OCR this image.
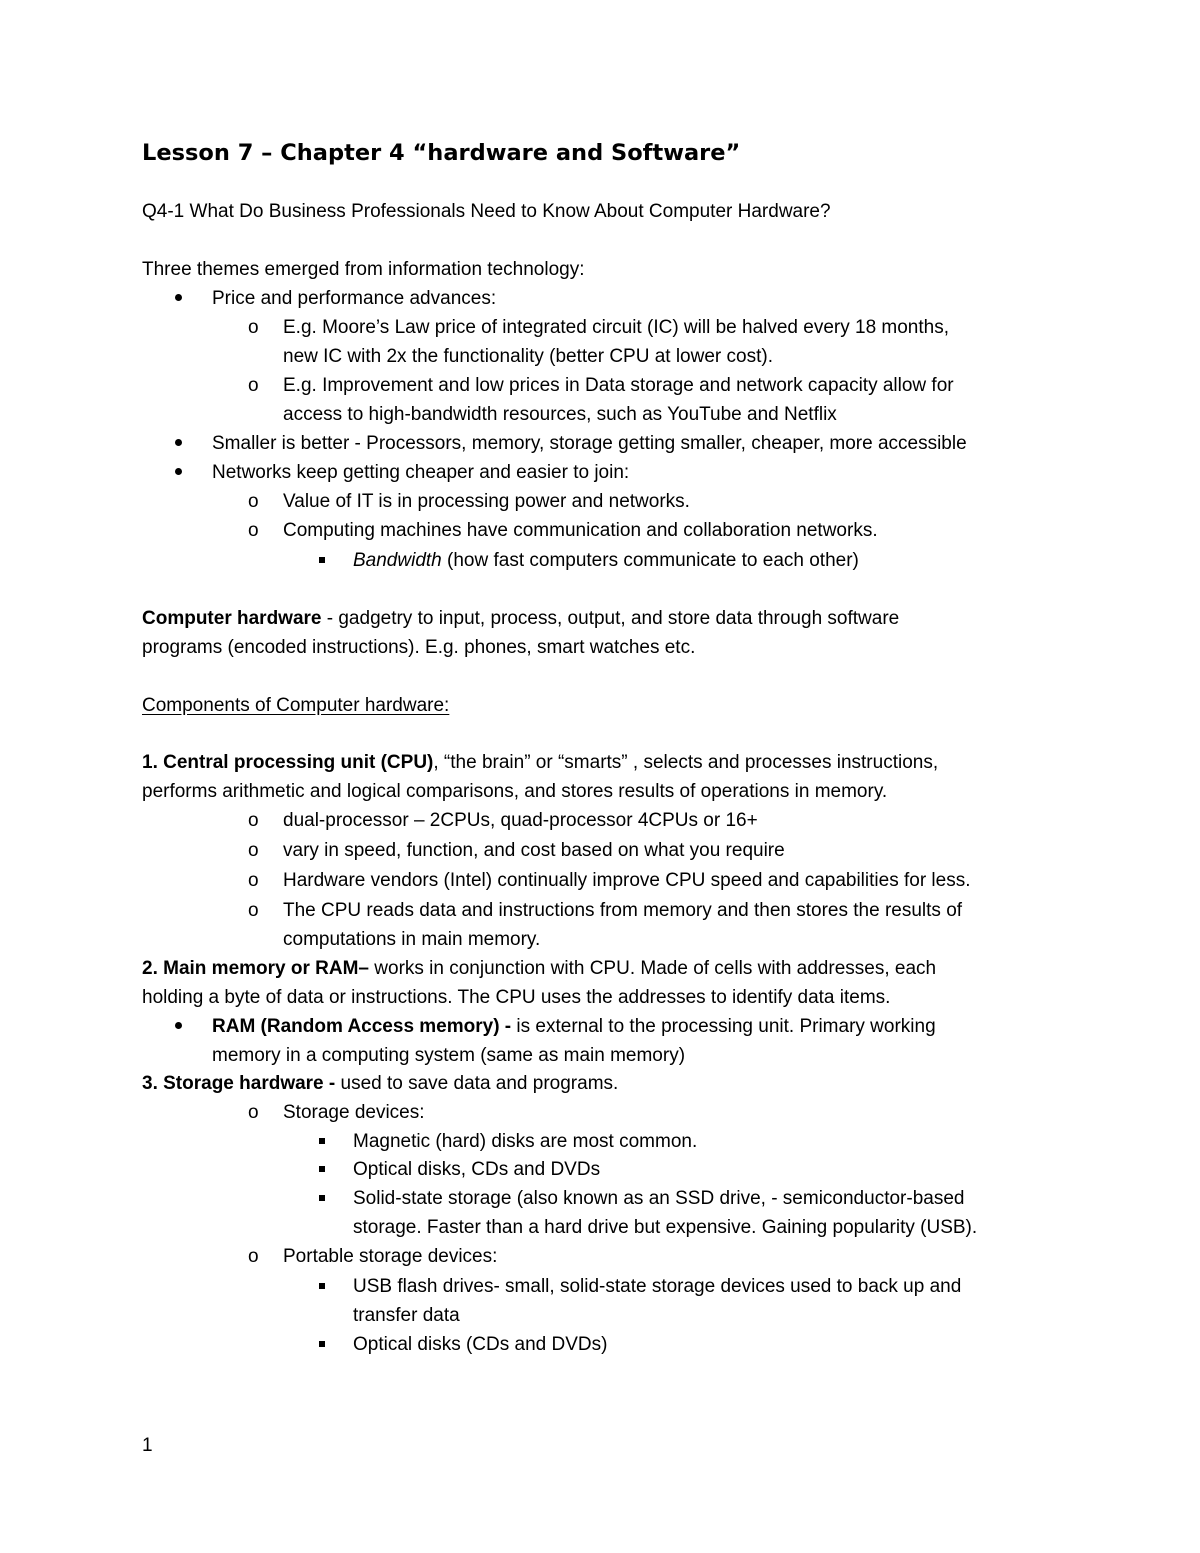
Lesson 7 – Chapter 4 “hardware and Software”
Q4-1 What Do Business Professionals Need to Know About Computer Hardware?
Three themes emerged from information technology:
Price and performance advances:
o E.g. Moore’s Law price of integrated circuit (IC) will be halved every 18 months,
new IC with 2x the functionality (better CPU at lower cost).
o E.g. Improvement and low prices in Data storage and network capacity allow for
access to high-bandwidth resources, such as YouTube and Netflix
Smaller is better - Processors, memory, storage getting smaller, cheaper, more accessible
Networks keep getting cheaper and easier to join:
o Value of IT is in processing power and networks.
o Computing machines have communication and collaboration networks.
Bandwidth (how fast computers communicate to each other)
Computer hardware - gadgetry to input, process, output, and store data through software
programs (encoded instructions). E.g. phones, smart watches etc.
Components of Computer hardware:
1. Central processing unit (CPU), “the brain” or “smarts” , selects and processes instructions,
performs arithmetic and logical comparisons, and stores results of operations in memory.
o dual-processor – 2CPUs, quad-processor 4CPUs or 16+
o vary in speed, function, and cost based on what you require
o Hardware vendors (Intel) continually improve CPU speed and capabilities for less.
o The CPU reads data and instructions from memory and then stores the results of
computations in main memory.
2. Main memory or RAM– works in conjunction with CPU. Made of cells with addresses, each
holding a byte of data or instructions. The CPU uses the addresses to identify data items.
RAM (Random Access memory) - is external to the processing unit. Primary working
memory in a computing system (same as main memory)
3. Storage hardware - used to save data and programs.
o Storage devices:
Magnetic (hard) disks are most common.
Optical disks, CDs and DVDs
Solid-state storage (also known as an SSD drive, - semiconductor-based
storage. Faster than a hard drive but expensive. Gaining popularity (USB).
o Portable storage devices:
USB flash drives- small, solid-state storage devices used to back up and
transfer data
Optical disks (CDs and DVDs)
1
